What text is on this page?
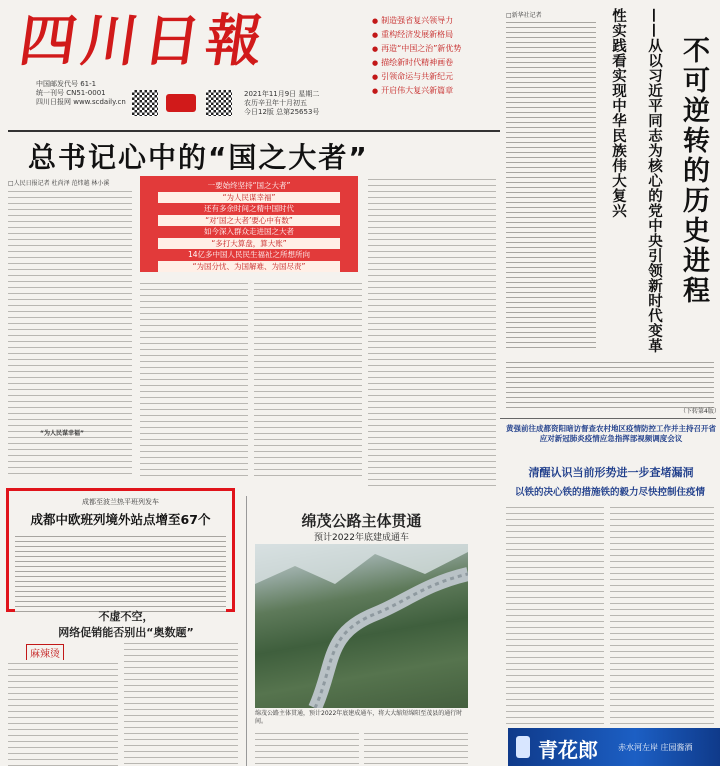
四川日報
中国邮发代号 61-1
统一刊号 CN51-0001
四川日报网 www.scdaily.cn
2021年11月9日 星期二
农历辛丑年十月初五
今日12版 总第25653号
● 制造强省复兴领导力
● 重构经济发展新格局
● 再造“中国之治”新优势
● 描绘新时代精神画卷
● 引领命运与共新纪元
● 开启伟大复兴新篇章
□新华社记者
不可逆转的历史进程
——从以习近平同志为核心的党中央引领新时代变革性实践看实现中华民族伟大复兴
（下转第4版）
总书记心中的“国之大者”
□人民日报记者 杜尚泽 范炜越 林小溪	一要始终坚持“国之大者”
“为人民谋幸福”
还有多余时间之精中国时代
“对‘国之大者’要心中有数”
如今深入群众走进国之大者
“多打大算盘，算大账”
14亿多中国人民民生福祉之所想所向
“为国分忧、为国解难、为国尽责”
“为人民谋幸福”
成都至波兰热平班列发车
成都中欧班列境外站点增至67个
不虚不空，
网络促销能否别出“奥数题”
麻辣烫
绵茂公路主体贯通
预计2022年底建成通车
绵茂公路主体贯通，预计2022年底建成通车，将大大缩短绵阳至茂县的通行时间。
黄强前往成都资阳暗访督查农村地区疫情防控工作并主持召开省应对新冠肺炎疫情应急指挥部视频调度会议
清醒认识当前形势进一步查堵漏洞
以铁的决心铁的措施铁的毅力尽快控制住疫情
青花郎	赤水河左岸 庄园酱酒
